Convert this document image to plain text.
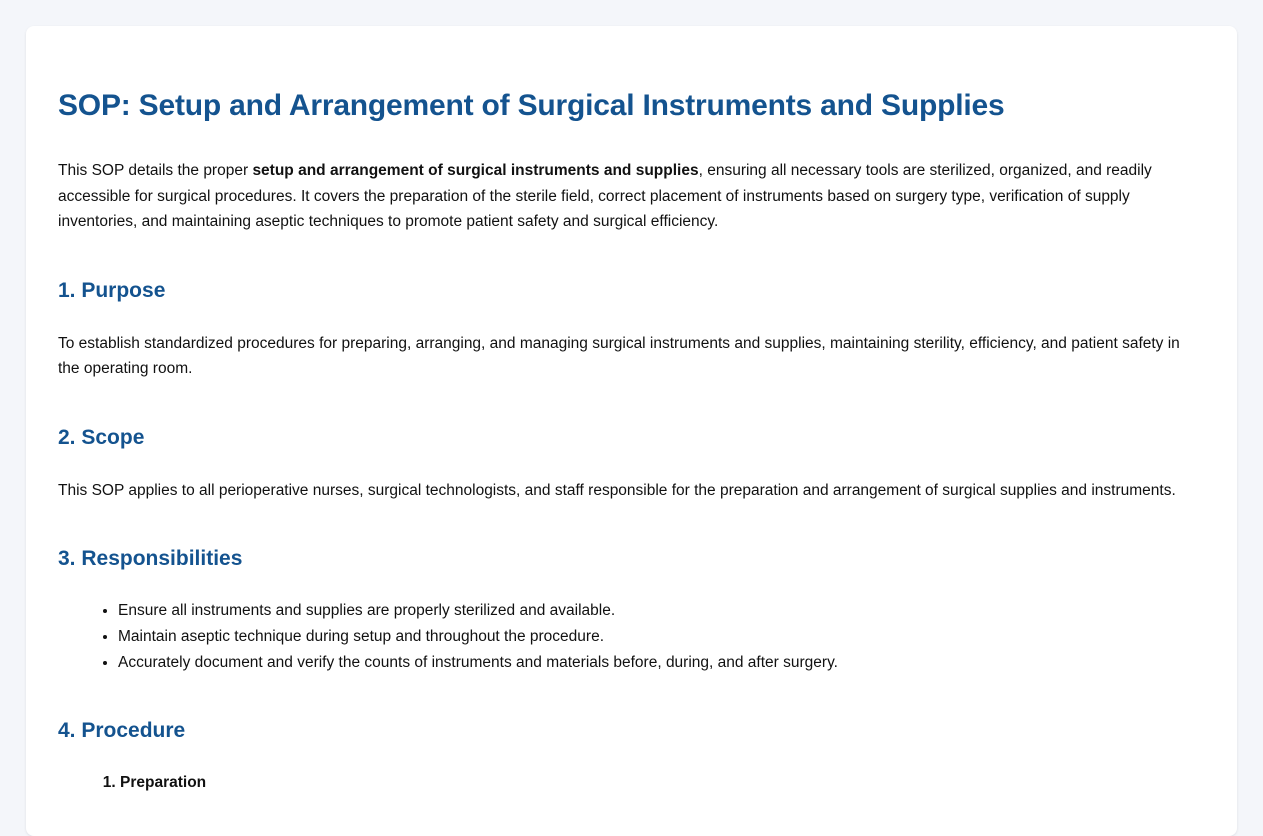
SOP: Setup and Arrangement of Surgical Instruments and Supplies

This SOP details the proper setup and arrangement of surgical instruments and supplies, ensuring all necessary tools are sterilized, organized, and readily accessible for surgical procedures. It covers the preparation of the sterile field, correct placement of instruments based on surgery type, verification of supply inventories, and maintaining aseptic techniques to promote patient safety and surgical efficiency.

1. Purpose

To establish standardized procedures for preparing, arranging, and managing surgical instruments and supplies, maintaining sterility, efficiency, and patient safety in the operating room.

2. Scope

This SOP applies to all perioperative nurses, surgical technologists, and staff responsible for the preparation and arrangement of surgical supplies and instruments.

3. Responsibilities
• Ensure all instruments and supplies are properly sterilized and available.
• Maintain aseptic technique during setup and throughout the procedure.
• Accurately document and verify the counts of instruments and materials before, during, and after surgery.
4. Procedure
1. Preparation
